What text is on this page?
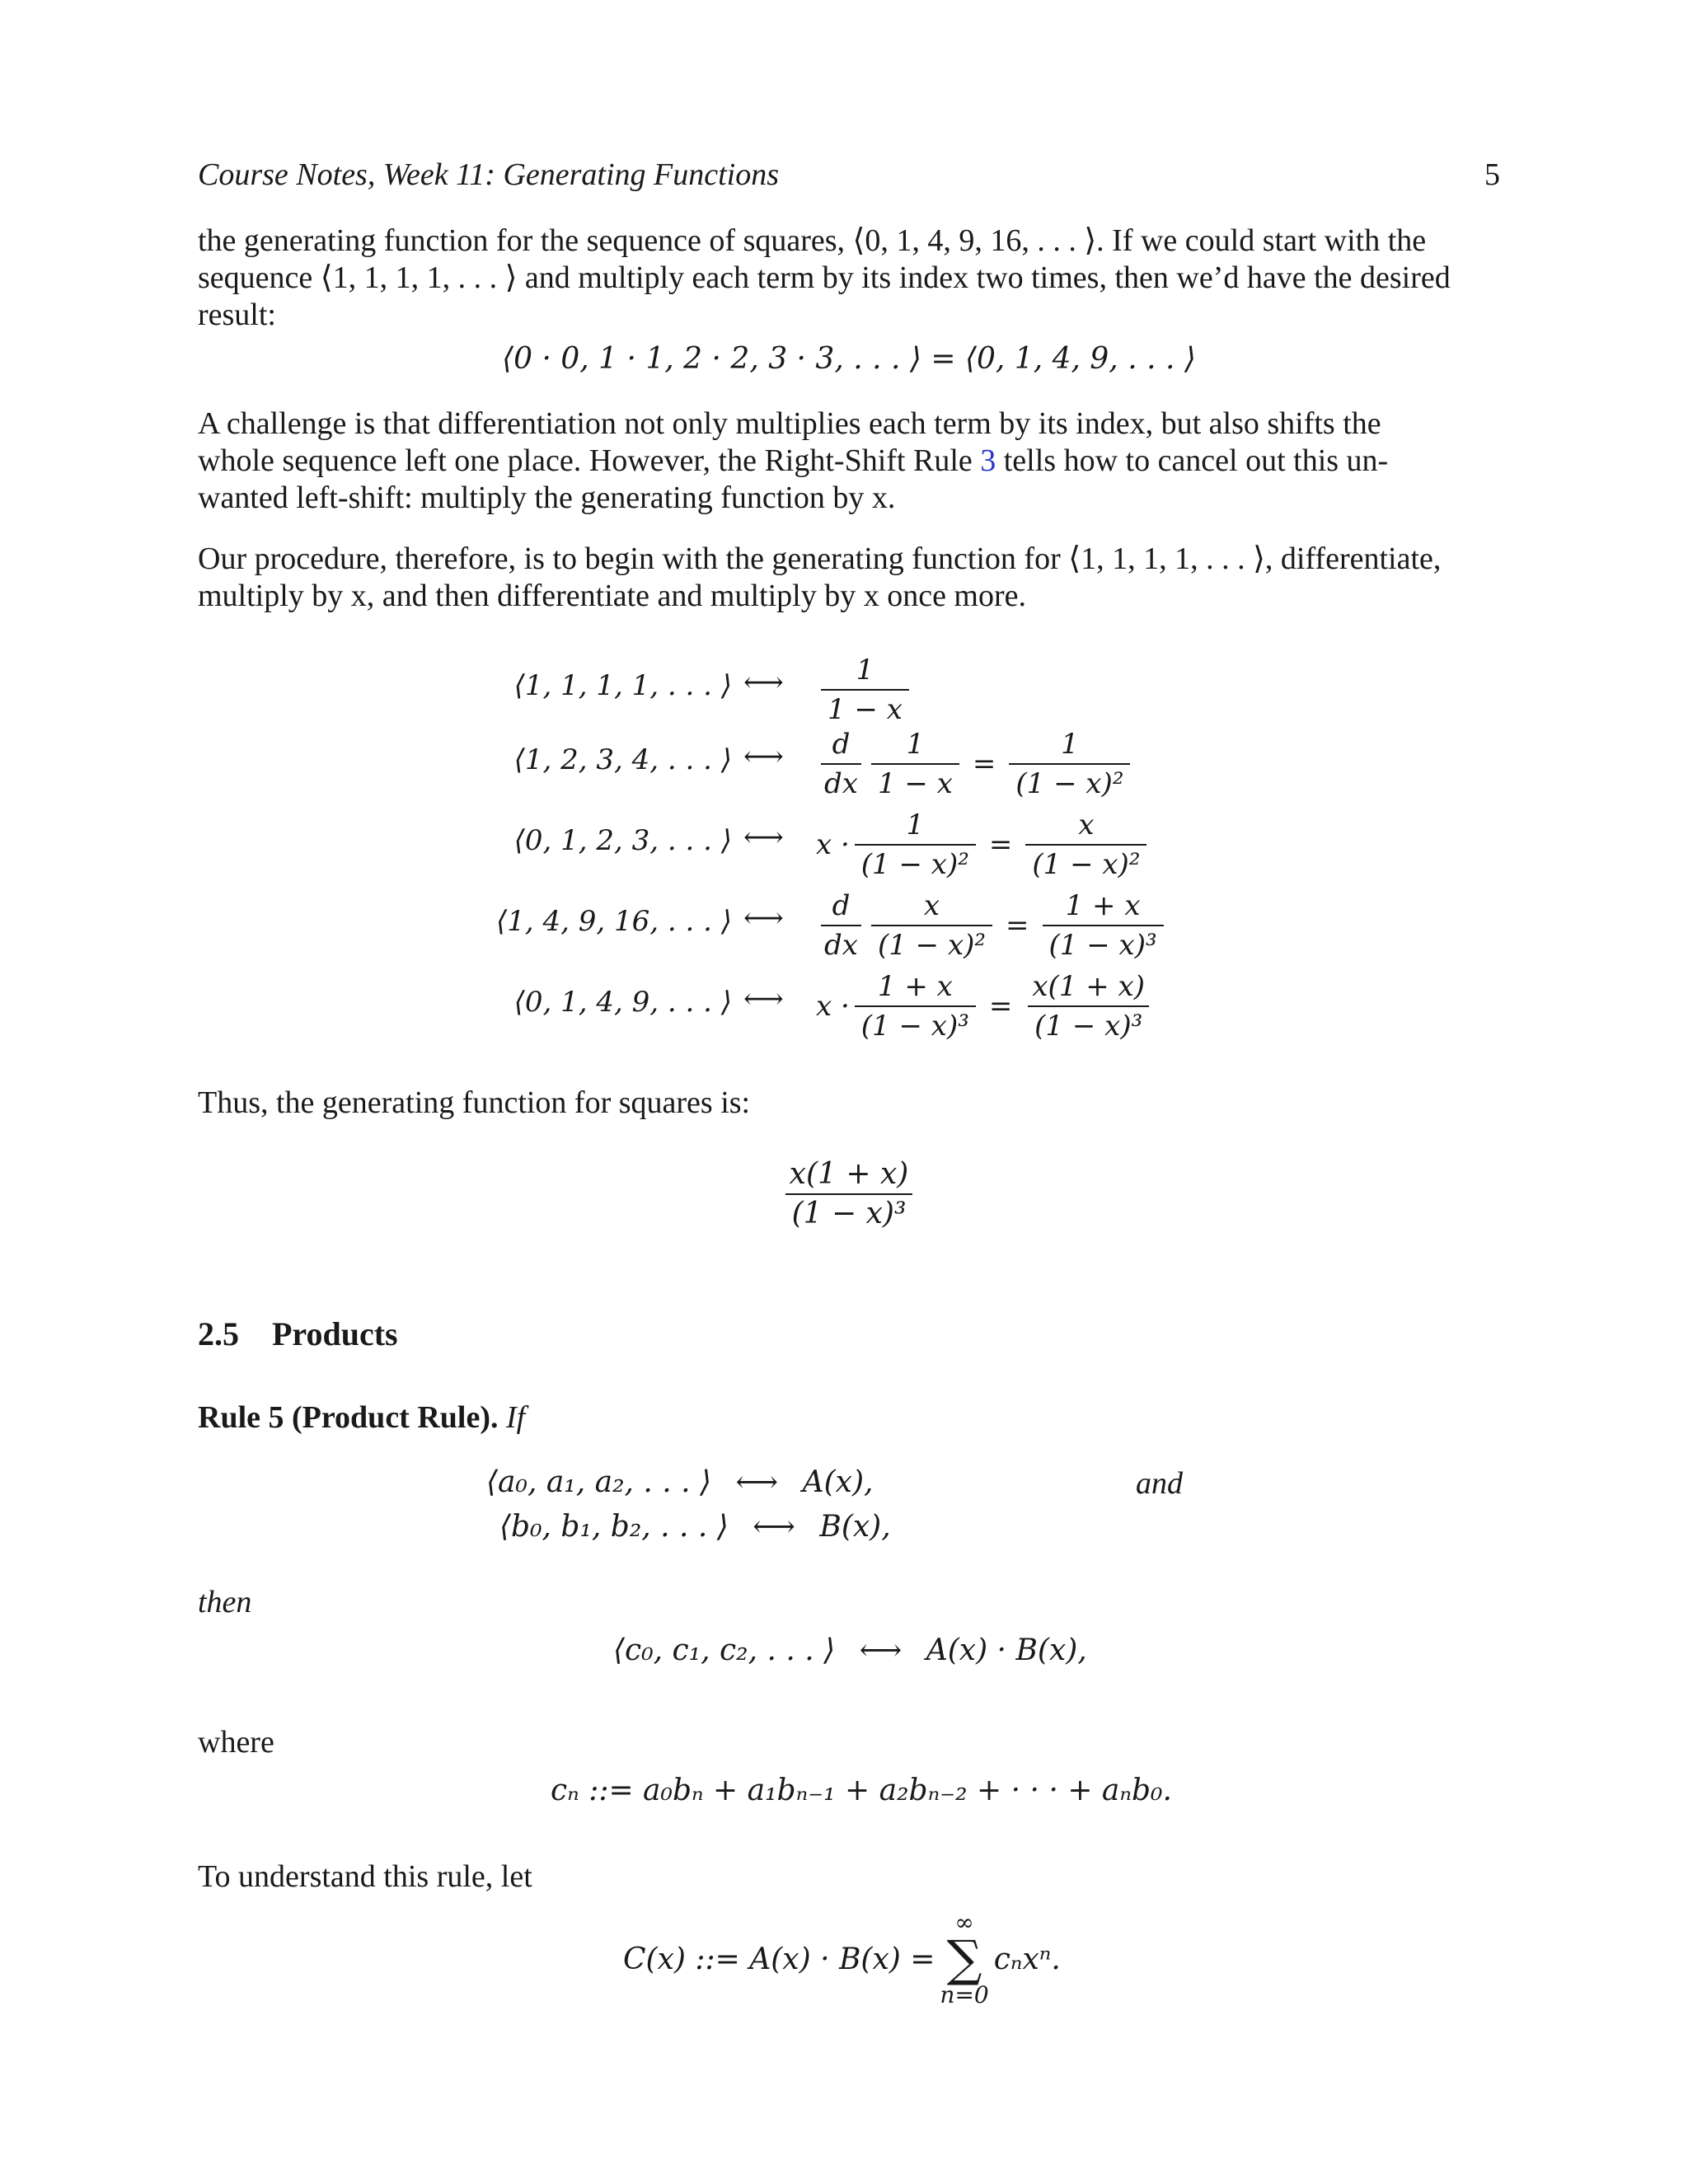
Course Notes, Week 11: Generating Functions	5

the generating function for the sequence of squares, ⟨0, 1, 4, 9, 16, . . . ⟩. If we could start with the
sequence ⟨1, 1, 1, 1, . . . ⟩ and multiply each term by its index two times, then we’d have the desired
result:

⟨0 · 0, 1 · 1, 2 · 2, 3 · 3, . . . ⟩ = ⟨0, 1, 4, 9, . . . ⟩

A challenge is that differentiation not only multiplies each term by its index, but also shifts the
whole sequence left one place. However, the Right-Shift Rule 3 tells how to cancel out this un-
wanted left-shift: multiply the generating function by x.

Our procedure, therefore, is to begin with the generating function for ⟨1, 1, 1, 1, . . . ⟩, differentiate,
multiply by x, and then differentiate and multiply by x once more.

⟨1, 1, 1, 1, . . . ⟩ ⟷ $\frac{1}{1 - x}$
⟨1, 2, 3, 4, . . . ⟩ ⟷ $\frac{d}{dx} \frac{1}{1 - x} = \frac{1}{\text{(1 − x)²}}$
⟨0, 1, 2, 3, . . . ⟩ ⟷ $x \cdot \frac{1}{\text{(1 − x)²}} = \frac{x}{\text{(1 − x)²}}$
⟨1, 4, 9, 16, . . . ⟩ ⟷ $\frac{d}{dx} \frac{x}{\text{(1 − x)²}} = \frac{1 + x}{\text{(1 − x)³}}$
⟨0, 1, 4, 9, . . . ⟩ ⟷ $x \cdot \frac{1 + x}{\text{(1 − x)³}} = \frac{x(1 + x)}{\text{(1 − x)³}}$

Thus, the generating function for squares is:

$\frac{x(1 + x)}{\text{(1 − x)³}}$
2.5 Products
Rule 5 (Product Rule). If
⟨a₀, a₁, a₂, . . . ⟩ ⟷ A(x),	and
⟨b₀, b₁, b₂, . . . ⟩ ⟷ B(x),
then
⟨c₀, c₁, c₂, . . . ⟩ ⟷ A(x) · B(x),
where
cₙ ::= a₀bₙ + a₁bₙ₋₁ + a₂bₙ₋₂ + · · · + aₙb₀.
To understand this rule, let
C(x) ::= A(x) · B(x) =
∞
∑
n=0
cₙxⁿ.
